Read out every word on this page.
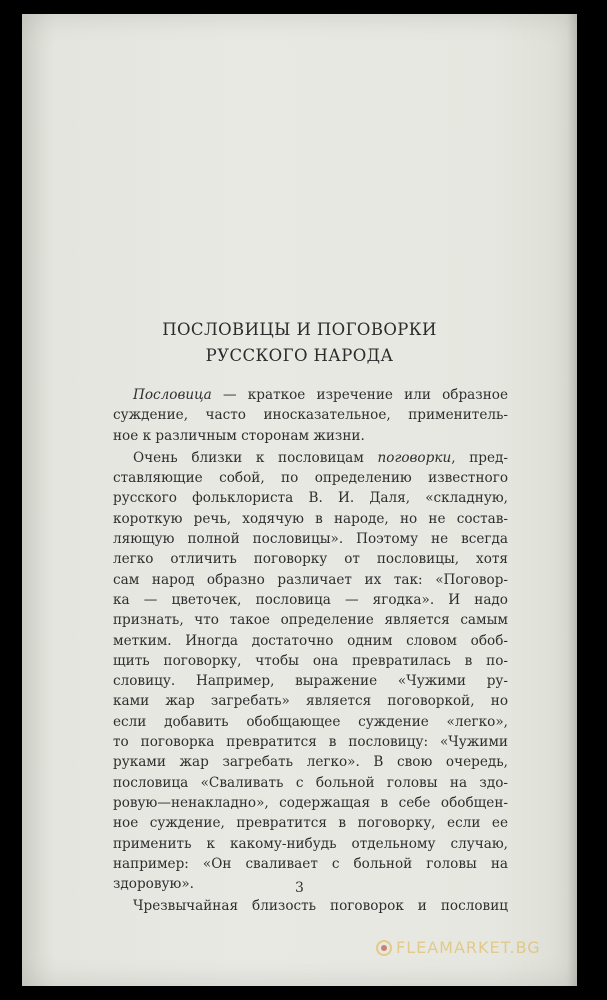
ПОСЛОВИЦЫ И ПОГОВОРКИ
РУССКОГО НАРОДА
Пословица — краткое изречение или образное
суждение, часто иносказательное, применитель-
ное к различным сторонам жизни.
Очень близки к пословицам поговорки, пред-
ставляющие собой, по определению известного
русского фольклориста В. И. Даля, «складную,
короткую речь, ходячую в народе, но не состав-
ляющую полной пословицы». Поэтому не всегда
легко отличить поговорку от пословицы, хотя
сам народ образно различает их так: «Поговор-
ка — цветочек, пословица — ягодка». И надо
признать, что такое определение является самым
метким. Иногда достаточно одним словом обоб-
щить поговорку, чтобы она превратилась в по-
словицу. Например, выражение «Чужими ру-
ками жар загребать» является поговоркой, но
если добавить обобщающее суждение «легко»,
то поговорка превратится в пословицу: «Чужими
руками жар загребать легко». В свою очередь,
пословица «Сваливать с больной головы на здо-
ровую—ненакладно», содержащая в себе обобщен-
ное суждение, превратится в поговорку, если ее
применить к какому-нибудь отдельному случаю,
например: «Он сваливает с больной головы на
здоровую».
Чрезвычайная близость поговорок и пословиц
3
FLEAMARKET.BG
